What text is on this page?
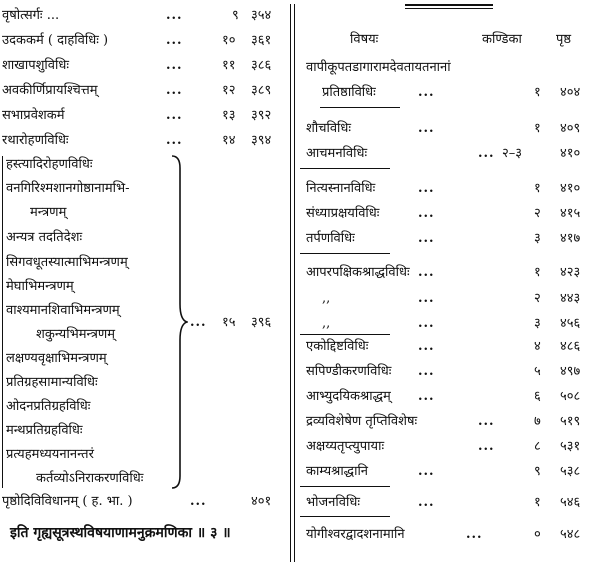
वृषोत्सर्गः ...	...	९ ३५४
उदककर्म ( दाहविधिः )	...	१० ३६१
शाखापशुविधिः	...	११ ३८६
अवकीर्णिप्रायश्चित्तम्	...	१२ ३८९
सभाप्रवेशकर्म	...	१३ ३९२
रथारोहणविधिः	...	१४ ३९४
हस्त्यादिरोहणविधिः
वनगिरिश्मशानगोष्ठानामभि-
मन्त्रणम्
अन्यत्र तदतिदेशः
सिगवधूतस्यात्माभिमन्त्रणम्
मेघाभिमन्त्रणम्
वाश्यमानशिवाभिमन्त्रणम्
शकुन्यभिमन्त्रणम्
लक्षण्यवृक्षाभिमन्त्रणम्
प्रतिग्रहसामान्यविधिः
ओदनप्रतिग्रहविधिः
मन्थप्रतिग्रहविधिः
प्रत्यहमध्ययनानन्तरं
कर्तव्योऽनिराकरणविधिः
... १५ ३९६
पृष्ठोदिविविधानम् ( ह. भा. )	...	४०१
इति गृह्यसूत्रस्थविषयाणामनुक्रमणिका ॥ ३ ॥
विषयः	कण्डिका	पृष्ठ
वापीकूपतडागारामदेवतायतनानां
प्रतिष्ठाविधिः	...	१ ४०४
शौचविधिः	...	१ ४०९
आचमनविधिः	... २–३	४१०
नित्यस्नानविधिः	...	१ ४१०
संध्याप्रक्षयविधिः	...	२ ४१५
तर्पणविधिः	...	३ ४१७
आपरपक्षिकश्राद्धविधिः ...	१ ४२३
,,	...	२ ४४३
,,	...	३ ४५६
एकोद्दिष्टविधिः	...	४ ४८६
सपिण्डीकरणविधिः ...	५ ४९७
आभ्युदयिकश्राद्धम् ...	६ ५०८
द्रव्यविशेषेण तृप्तिविशेषः	...	७ ५१९
अक्षय्यतृप्त्युपायाः	...	८ ५३१
काम्यश्राद्धानि	...	९ ५३८
भोजनविधिः	...	१ ५४६
योगीश्वरद्वादशनामानि	...	० ५४८
